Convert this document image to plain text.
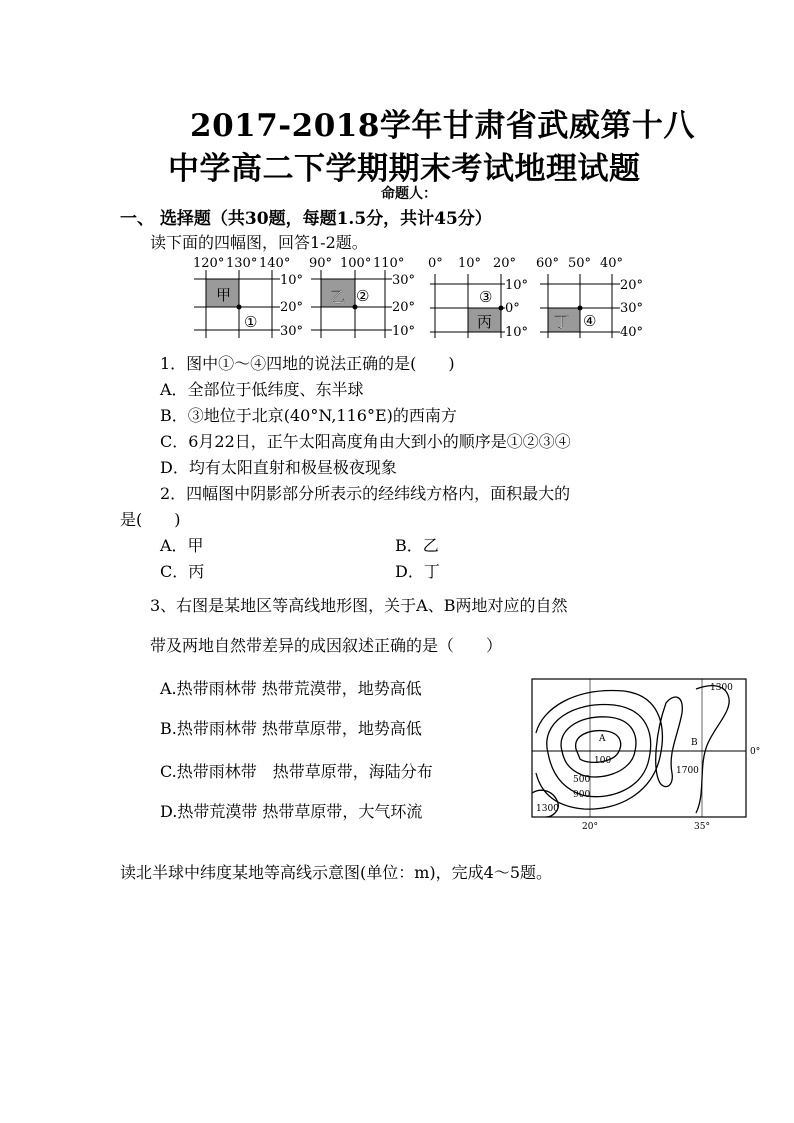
2017-2018学年甘肃省武威第十八
中学高二下学期期末考试地理试题
命题人：
一、 选择题（共30题，每题1.5分，共计45分）
读下面的四幅图，回答1-2题。
120° 130° 140°
10°
20°
30°
甲
①
90° 100° 110°
30°
20°
10°
乙 ②
0° 10° 20°
10°
0°
10°
丙
③
60° 50° 40°
20°
30°
40°
丁 ④
1．图中①～④四地的说法正确的是(　　)
A．全部位于低纬度、东半球
B．③地位于北京(40°N,116°E)的西南方
C．6月22日，正午太阳高度角由大到小的顺序是①②③④
D．均有太阳直射和极昼极夜现象
2．四幅图中阴影部分所表示的经纬线方格内，面积最大的
是(　　)
A．甲	B．乙
C．丙	D．丁
3、右图是某地区等高线地形图，关于A、B两地对应的自然
带及两地自然带差异的成因叙述正确的是（　　）
A.热带雨林带 热带荒漠带，地势高低
B.热带雨林带 热带草原带，地势高低
C.热带雨林带　热带草原带，海陆分布
D.热带荒漠带 热带草原带，大气环流
A	B
100
500
900
1300
1300
1700
20°	35°
0°
读北半球中纬度某地等高线示意图(单位：m)，完成4～5题。
